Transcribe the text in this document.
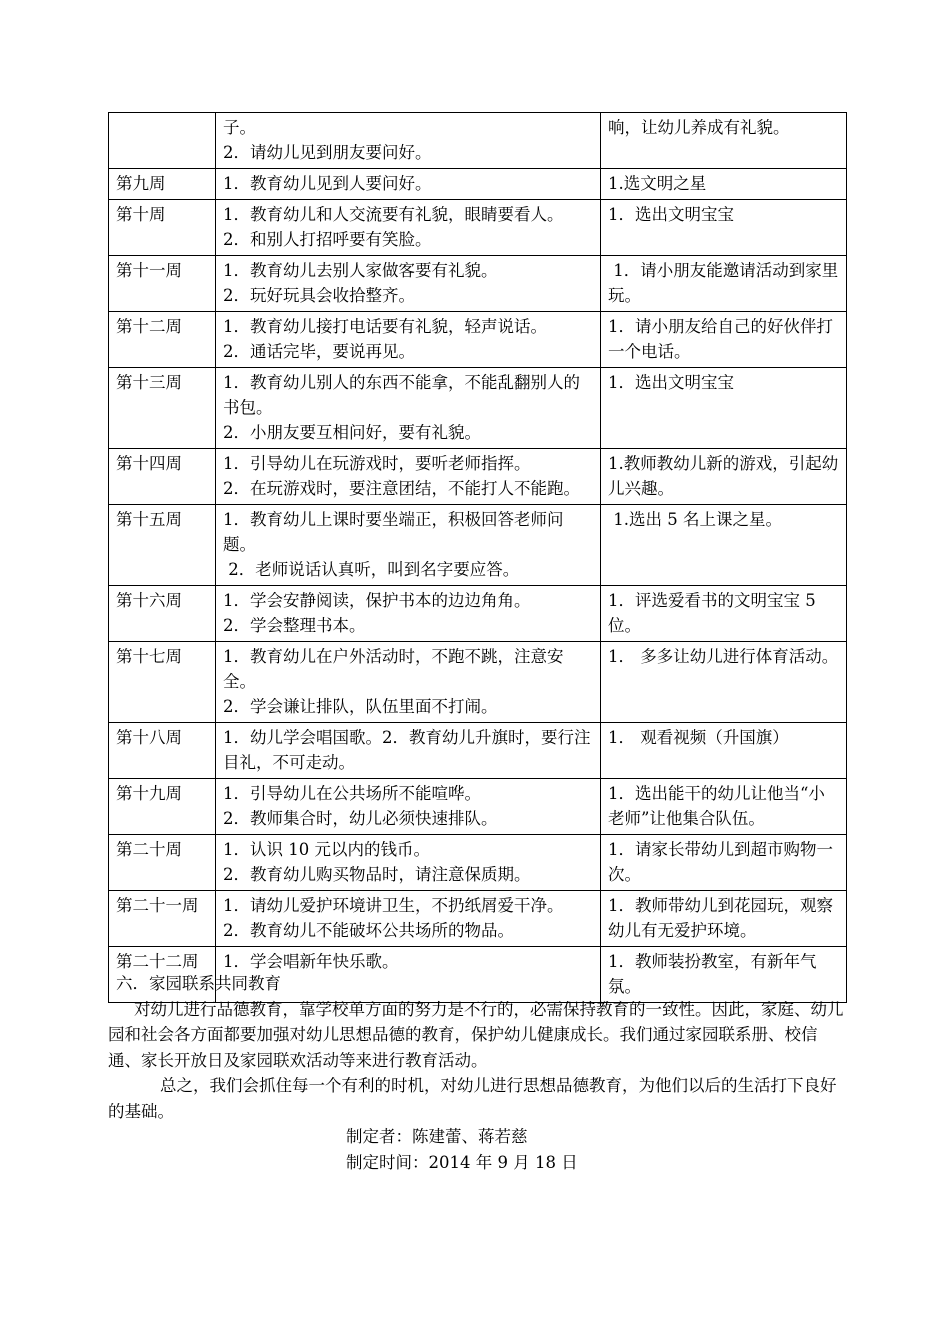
	子。
2．请幼儿见到朋友要问好。	响，让幼儿养成有礼貌。

第九周	1．教育幼儿见到人要问好。	1.选文明之星

第十周	1．教育幼儿和人交流要有礼貌，眼睛要看人。 2．和别人打招呼要有笑脸。	1．选出文明宝宝

第十一周	1．教育幼儿去别人家做客要有礼貌。
2．玩好玩具会收拾整齐。	1．请小朋友能邀请活动到家里玩。

第十二周	1．教育幼儿接打电话要有礼貌，轻声说话。
2．通话完毕，要说再见。	1．请小朋友给自己的好伙伴打一个电话。

第十三周	1．教育幼儿别人的东西不能拿，不能乱翻别人的书包。
2．小朋友要互相问好，要有礼貌。	1．选出文明宝宝

第十四周	1．引导幼儿在玩游戏时，要听老师指挥。
2．在玩游戏时，要注意团结，不能打人不能跑。	1.教师教幼儿新的游戏，引起幼儿兴趣。

第十五周	1．教育幼儿上课时要坐端正，积极回答老师问题。
2．老师说话认真听，叫到名字要应答。	1.选出 5 名上课之星。

第十六周	1．学会安静阅读，保护书本的边边角角。
2．学会整理书本。	1．评选爱看书的文明宝宝 5 位。

第十七周	1．教育幼儿在户外活动时，不跑不跳，注意安全。
2．学会谦让排队，队伍里面不打闹。	1． 多多让幼儿进行体育活动。

第十八周	1．幼儿学会唱国歌。2．教育幼儿升旗时，要行注目礼，不可走动。	1． 观看视频（升国旗）

第十九周	1．引导幼儿在公共场所不能喧哗。
2．教师集合时，幼儿必须快速排队。	1．选出能干的幼儿让他当“小老师”让他集合队伍。

第二十周	1．认识 10 元以内的钱币。
2．教育幼儿购买物品时，请注意保质期。	1．请家长带幼儿到超市购物一次。

第二十一周	1．请幼儿爱护环境讲卫生，不扔纸屑爱干净。
2．教育幼儿不能破坏公共场所的物品。	1．教师带幼儿到花园玩，观察幼儿有无爱护环境。

第二十二周	1．学会唱新年快乐歌。	1．教师装扮教室，有新年气氛。

六．家园联系共同教育

对幼儿进行品德教育，靠学校单方面的努力是不行的，必需保持教育的一致性。因此，家庭、幼儿园和社会各方面都要加强对幼儿思想品德的教育，保护幼儿健康成长。我们通过家园联系册、校信通、家长开放日及家园联欢活动等来进行教育活动。

总之，我们会抓住每一个有利的时机，对幼儿进行思想品德教育，为他们以后的生活打下良好的基础。

制定者：陈建蕾、蒋若慈

制定时间：2014 年 9 月 18 日
